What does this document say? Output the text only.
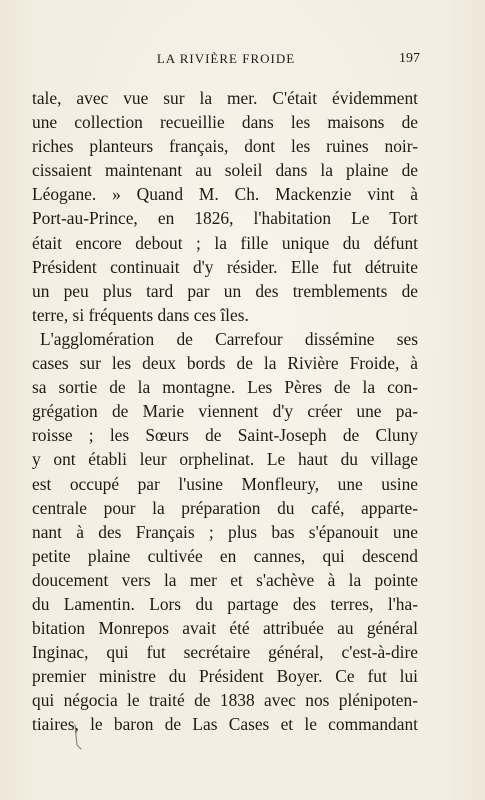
LA RIVIÈRE FROIDE	197
tale, avec vue sur la mer. C'était évidemment
une collection recueillie dans les maisons de
riches planteurs français, dont les ruines noir-
cissaient maintenant au soleil dans la plaine de
Léogane. » Quand M. Ch. Mackenzie vint à
Port-au-Prince, en 1826, l'habitation Le Tort
était encore debout ; la fille unique du défunt
Président continuait d'y résider. Elle fut détruite
un peu plus tard par un des tremblements de
terre, si fréquents dans ces îles.
L'agglomération de Carrefour dissémine ses
cases sur les deux bords de la Rivière Froide, à
sa sortie de la montagne. Les Pères de la con-
grégation de Marie viennent d'y créer une pa-
roisse ; les Sœurs de Saint-Joseph de Cluny
y ont établi leur orphelinat. Le haut du village
est occupé par l'usine Monfleury, une usine
centrale pour la préparation du café, apparte-
nant à des Français ; plus bas s'épanouit une
petite plaine cultivée en cannes, qui descend
doucement vers la mer et s'achève à la pointe
du Lamentin. Lors du partage des terres, l'ha-
bitation Monrepos avait été attribuée au général
Inginac, qui fut secrétaire général, c'est-à-dire
premier ministre du Président Boyer. Ce fut lui
qui négocia le traité de 1838 avec nos plénipoten-
tiaires, le baron de Las Cases et le commandant
